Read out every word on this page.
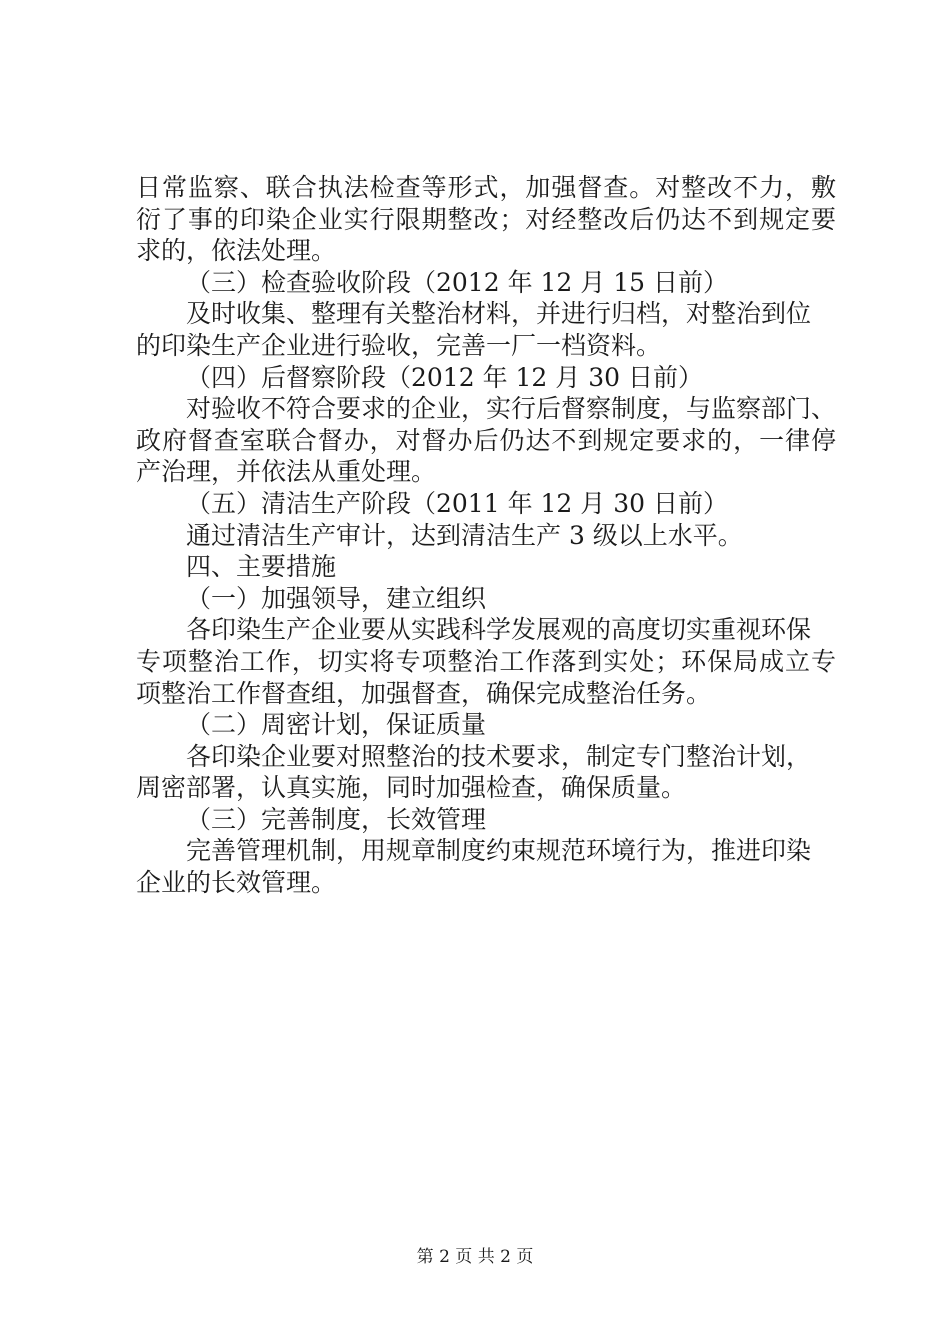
日常监察、联合执法检查等形式，加强督查。对整改不力，敷
衍了事的印染企业实行限期整改；对经整改后仍达不到规定要
求的，依法处理。
（三）检查验收阶段（2012 年 12 月 15 日前）
及时收集、整理有关整治材料，并进行归档，对整治到位
的印染生产企业进行验收，完善一厂一档资料。
（四）后督察阶段（2012 年 12 月 30 日前）
对验收不符合要求的企业，实行后督察制度，与监察部门、
政府督查室联合督办，对督办后仍达不到规定要求的，一律停
产治理，并依法从重处理。
（五）清洁生产阶段（2011 年 12 月 30 日前）
通过清洁生产审计，达到清洁生产 3 级以上水平。
四、主要措施
（一）加强领导，建立组织
各印染生产企业要从实践科学发展观的高度切实重视环保
专项整治工作，切实将专项整治工作落到实处；环保局成立专
项整治工作督查组，加强督查，确保完成整治任务。
（二）周密计划，保证质量
各印染企业要对照整治的技术要求，制定专门整治计划，
周密部署，认真实施，同时加强检查，确保质量。
（三）完善制度，长效管理
完善管理机制，用规章制度约束规范环境行为，推进印染
企业的长效管理。
第 2 页 共 2 页
